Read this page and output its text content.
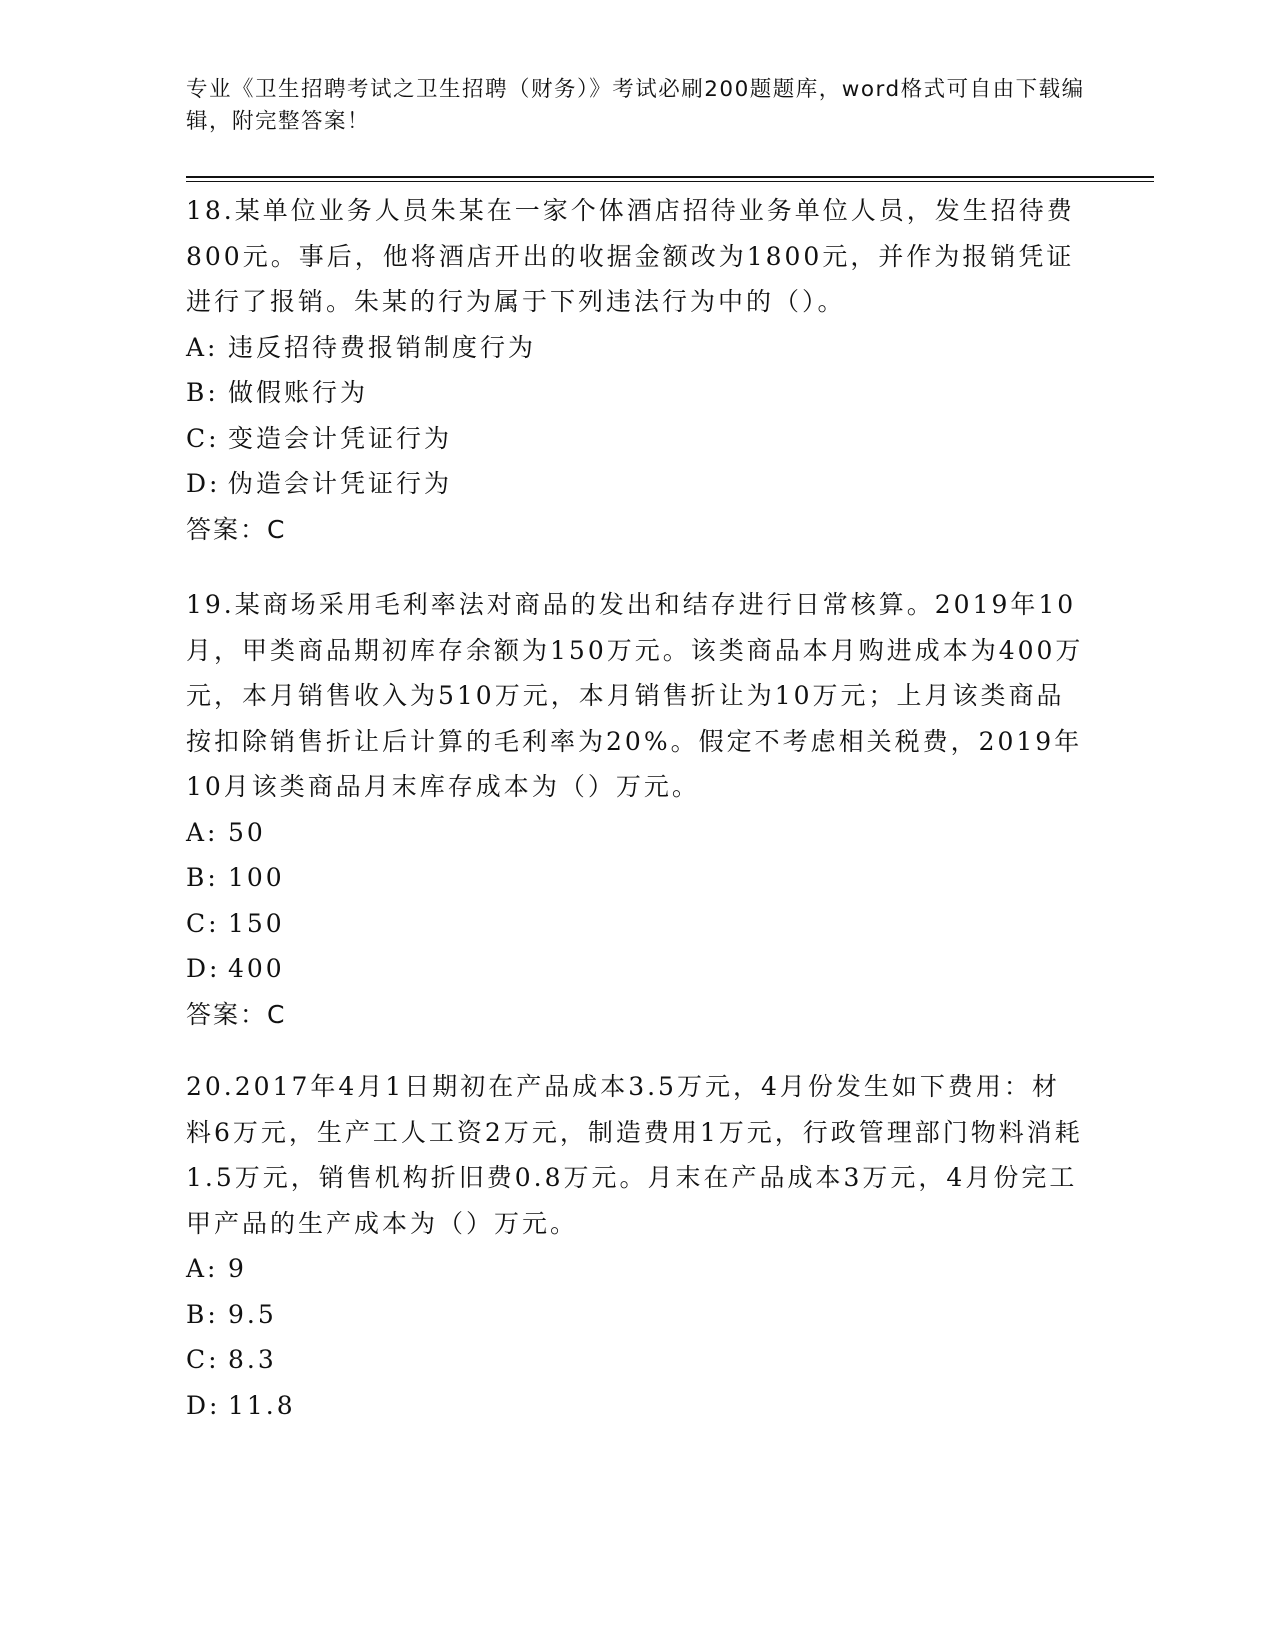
专业《卫生招聘考试之卫生招聘（财务）》考试必刷200题题库，word格式可自由下载编辑，附完整答案！

18.某单位业务人员朱某在一家个体酒店招待业务单位人员，发生招待费800元。事后，他将酒店开出的收据金额改为1800元，并作为报销凭证进行了报销。朱某的行为属于下列违法行为中的（）。

A: 违反招待费报销制度行为
B: 做假账行为
C: 变造会计凭证行为
D: 伪造会计凭证行为
答案：C

19.某商场采用毛利率法对商品的发出和结存进行日常核算。2019年10月，甲类商品期初库存余额为150万元。该类商品本月购进成本为400万元，本月销售收入为510万元，本月销售折让为10万元；上月该类商品按扣除销售折让后计算的毛利率为20%。假定不考虑相关税费，2019年10月该类商品月末库存成本为（）万元。

A: 50
B: 100
C: 150
D: 400
答案：C

20.2017年4月1日期初在产品成本3.5万元，4月份发生如下费用：材料6万元，生产工人工资2万元，制造费用1万元，行政管理部门物料消耗1.5万元，销售机构折旧费0.8万元。月末在产品成本3万元，4月份完工甲产品的生产成本为（）万元。

A: 9
B: 9.5
C: 8.3
D: 11.8
